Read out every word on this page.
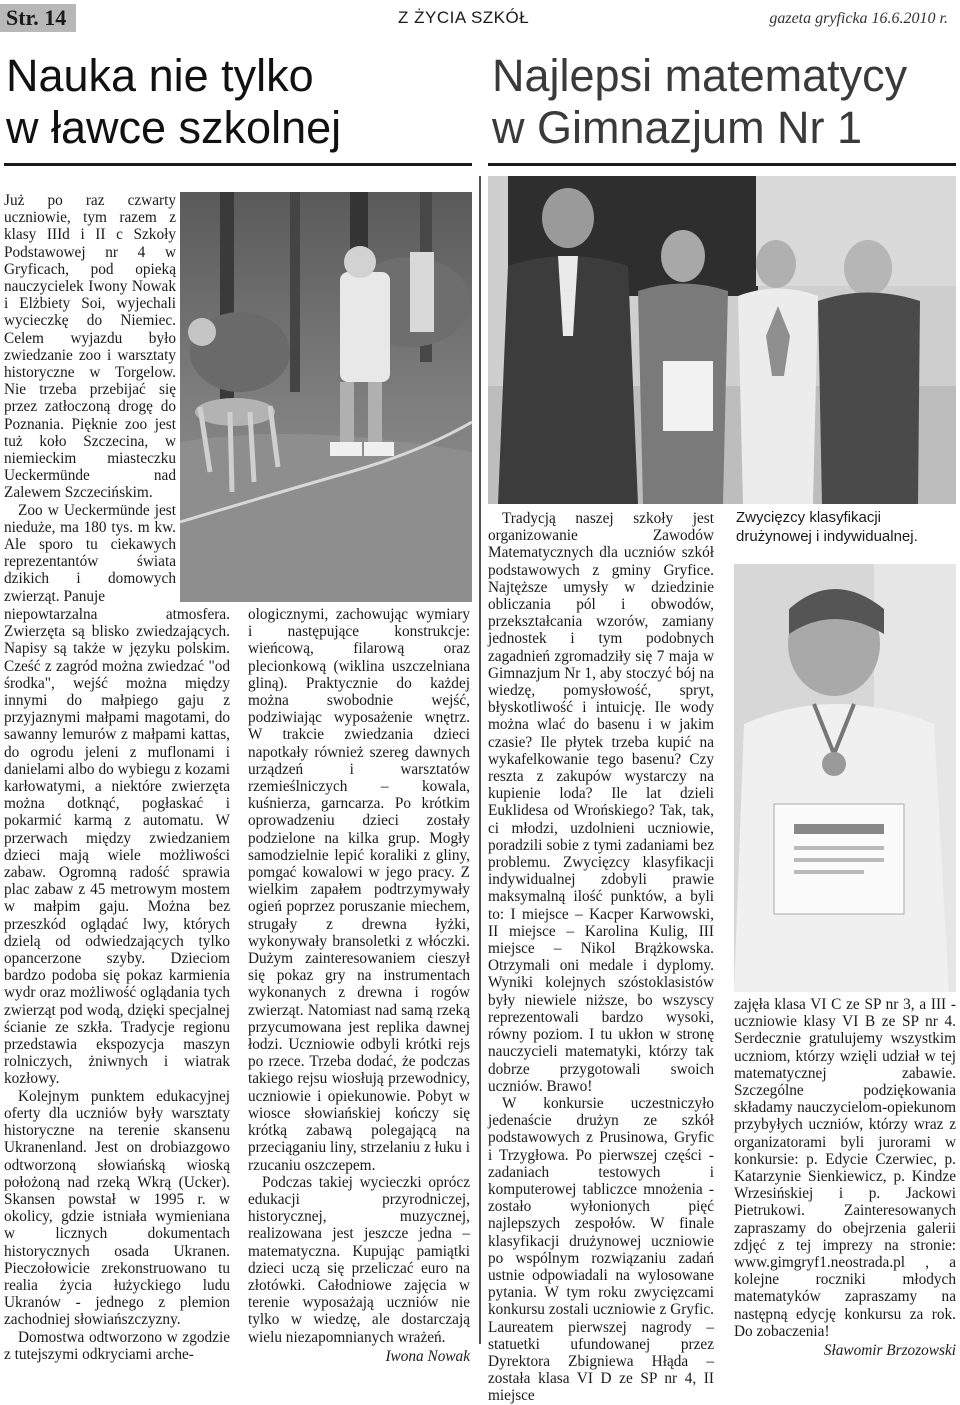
Str. 14	Z ŻYCIA SZKÓŁ	gazeta gryficka 16.6.2010 r.
Nauka nie tylko
w ławce szkolnej
Najlepsi matematycy
w Gimnazjum Nr 1

Już po raz czwarty uczniowie, tym razem z klasy IIId i II c Szkoły Podstawowej nr 4 w Gryficach, pod opieką nauczycielek Iwony Nowak i Elżbiety Soi, wyjechali wycieczkę do Niemiec. Celem wyjazdu było zwiedzanie zoo i warsztaty historyczne w Torgelow. Nie trzeba przebijać się przez zatłoczoną drogę do Poznania. Pięknie zoo jest tuż koło Szczecina, w niemieckim miasteczku Ueckermünde nad Zalewem Szczecińskim.

Zoo w Ueckermünde jest nieduże, ma 180 tys. m kw. Ale sporo tu ciekawych reprezentantów świata dzikich i domowych zwierząt. Panuje

niepowtarzalna atmosfera. Zwierzęta są blisko zwiedzających. Napisy są także w języku polskim. Cześć z zagród można zwiedzać "od środka", wejść można między innymi do małpiego gaju z przyjaznymi małpami magotami, do sawanny lemurów z małpami kattas, do ogrodu jeleni z muflonami i danielami albo do wybiegu z kozami karłowatymi, a niektóre zwierzęta można dotknąć, pogłaskać i pokarmić karmą z automatu. W przerwach między zwiedzaniem dzieci mają wiele możliwości zabaw. Ogromną radość sprawia plac zabaw z 45 metrowym mostem w małpim gaju. Można bez przeszkód oglądać lwy, których dzielą od odwiedzających tylko opancerzone szyby. Dzieciom bardzo podoba się pokaz karmienia wydr oraz możliwość oglądania tych zwierząt pod wodą, dzięki specjalnej ścianie ze szkła. Tradycje regionu przedstawia ekspozycja maszyn rolniczych, żniwnych i wiatrak kozłowy.

Kolejnym punktem edukacyjnej oferty dla uczniów były warsztaty historyczne na terenie skansenu Ukranenland. Jest on drobiazgowo odtworzoną słowiańską wioską położoną nad rzeką Wkrą (Ucker). Skansen powstał w 1995 r. w okolicy, gdzie istniała wymieniana w licznych dokumentach historycznych osada Ukranen. Pieczołowicie zrekonstruowano tu realia życia łużyckiego ludu Ukranów - jednego z plemion zachodniej słowiańszczyzny.

Domostwa odtworzono w zgodzie z tutejszymi odkryciami arche-

ologicznymi, zachowując wymiary i następujące konstrukcje: wieńcową, filarową oraz plecionkową (wiklina uszczelniana gliną). Praktycznie do każdej można swobodnie wejść, podziwiając wyposażenie wnętrz. W trakcie zwiedzania dzieci napotkały również szereg dawnych urządzeń i warsztatów rzemieślniczych – kowala, kuśnierza, garncarza. Po krótkim oprowadzeniu dzieci zostały podzielone na kilka grup. Mogły samodzielnie lepić koraliki z gliny, pomgać kowalowi w jego pracy. Z wielkim zapałem podtrzymywały ogień poprzez poruszanie miechem, strugały z drewna łyżki, wykonywały bransoletki z włóczki. Dużym zainteresowaniem cieszył się pokaz gry na instrumentach wykonanych z drewna i rogów zwierząt. Natomiast nad samą rzeką przycumowana jest replika dawnej łodzi. Uczniowie odbyli krótki rejs po rzece. Trzeba dodać, że podczas takiego rejsu wiosłują przewodnicy, uczniowie i opiekunowie. Pobyt w wiosce słowiańskiej kończy się krótką zabawą polegającą na przeciąganiu liny, strzelaniu z łuku i rzucaniu oszczepem.

Podczas takiej wycieczki oprócz edukacji przyrodniczej, historycznej, muzycznej, realizowana jest jeszcze jedna – matematyczna. Kupując pamiątki dzieci uczą się przeliczać euro na złotówki. Całodniowe zajęcia w terenie wyposażają uczniów nie tylko w wiedzę, ale dostarczają wielu niezapomnianych wrażeń.

Iwona Nowak

Tradycją naszej szkoły jest organizowanie Zawodów Matematycznych dla uczniów szkół podstawowych z gminy Gryfice. Najtęższe umysły w dziedzinie obliczania pól i obwodów, przekształcania wzorów, zamiany jednostek i tym podobnych zagadnień zgromadziły się 7 maja w Gimnazjum Nr 1, aby stoczyć bój na wiedzę, pomysłowość, spryt, błyskotliwość i intuicję. Ile wody można wlać do basenu i w jakim czasie? Ile płytek trzeba kupić na wykafelkowanie tego basenu? Czy reszta z zakupów wystarczy na kupienie loda? Ile lat dzieli Euklidesa od Wrońskiego? Tak, tak, ci młodzi, uzdolnieni uczniowie, poradzili sobie z tymi zadaniami bez problemu. Zwycięzcy klasyfikacji indywidualnej zdobyli prawie maksymalną ilość punktów, a byli to: I miejsce – Kacper Karwowski, II miejsce – Karolina Kulig, III miejsce – Nikol Brążkowska. Otrzymali oni medale i dyplomy. Wyniki kolejnych szóstoklasistów były niewiele niższe, bo wszyscy reprezentowali bardzo wysoki, równy poziom. I tu ukłon w stronę nauczycieli matematyki, którzy tak dobrze przygotowali swoich uczniów. Brawo!

W konkursie uczestniczyło jedenaście drużyn ze szkół podstawowych z Prusinowa, Gryfic i Trzygłowa. Po pierwszej części - zadaniach testowych i komputerowej tabliczce mnożenia - zostało wyłonionych pięć najlepszych zespołów. W finale klasyfikacji drużynowej uczniowie po wspólnym rozwiązaniu zadań ustnie odpowiadali na wylosowane pytania. W tym roku zwycięzcami konkursu zostali uczniowie z Gryfic. Laureatem pierwszej nagrody – statuetki ufundowanej przez Dyrektora Zbigniewa Hłąda – została klasa VI D ze SP nr 4, II miejsce

Zwycięzcy klasyfikacji drużynowej i indywidualnej.

zajęła klasa VI C ze SP nr 3, a III - uczniowie klasy VI B ze SP nr 4. Serdecznie gratulujemy wszystkim uczniom, którzy wzięli udział w tej matematycznej zabawie. Szczególne podziękowania składamy nauczycielom-opiekunom przybyłych uczniów, którzy wraz z organizatorami byli jurorami w konkursie: p. Edycie Czerwiec, p. Katarzynie Sienkiewicz, p. Kindze Wrzesińskiej i p. Jackowi Pietrukowi. Zainteresowanych zapraszamy do obejrzenia galerii zdjęć z tej imprezy na stronie: www.gimgryf1.neostrada.pl , a kolejne roczniki młodych matematyków zapraszamy na następną edycję konkursu za rok. Do zobaczenia!

Sławomir Brzozowski
